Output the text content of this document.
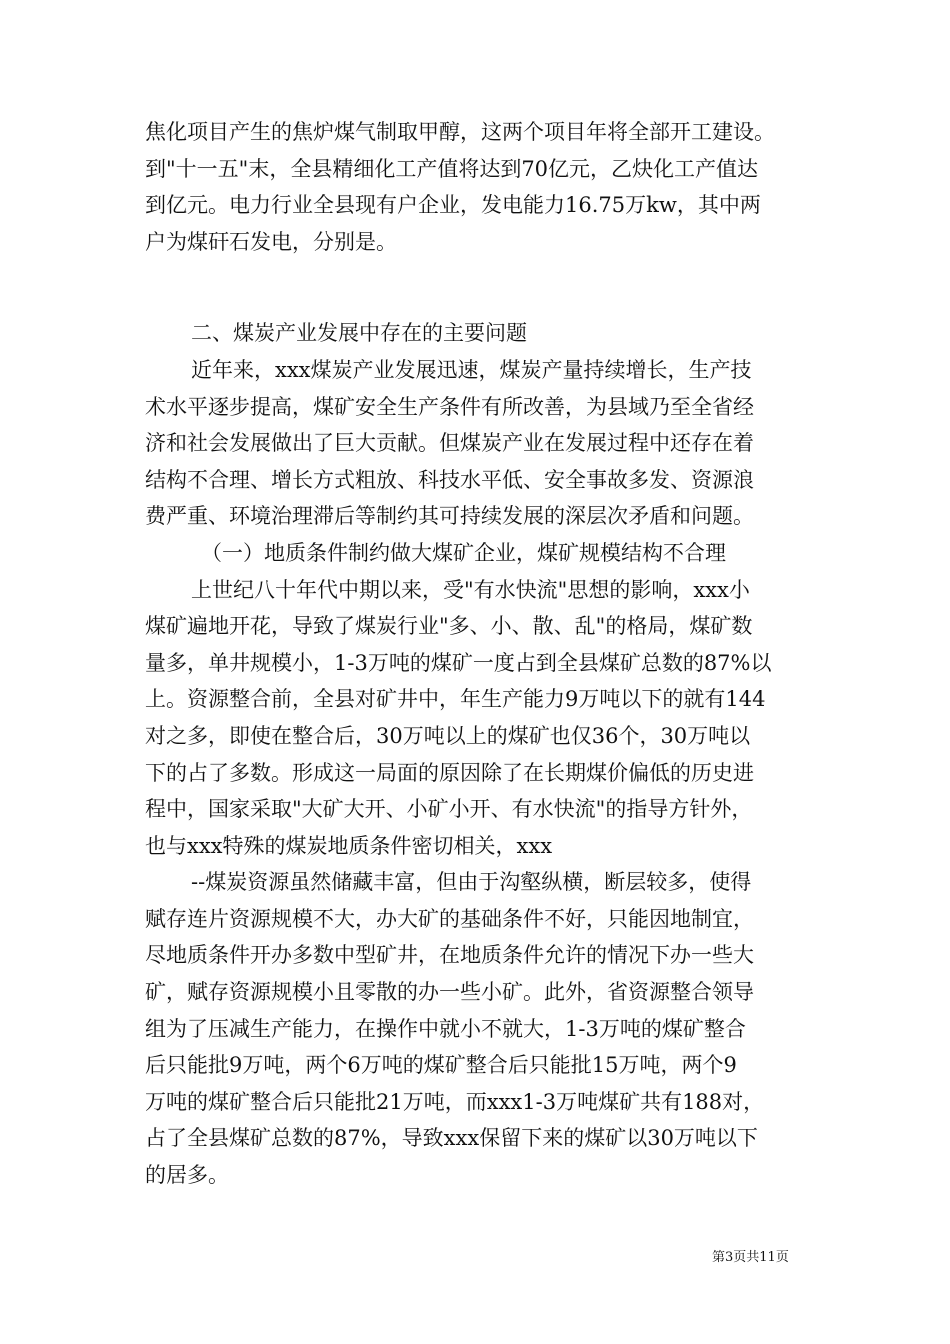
焦化项目产生的焦炉煤气制取甲醇，这两个项目年将全部开工建设。
到"十一五"末，全县精细化工产值将达到70亿元，乙炔化工产值达
到亿元。电力行业全县现有户企业，发电能力16.75万kw，其中两
户为煤矸石发电，分别是。
二、煤炭产业发展中存在的主要问题
近年来，xxx煤炭产业发展迅速，煤炭产量持续增长，生产技
术水平逐步提高，煤矿安全生产条件有所改善，为县域乃至全省经
济和社会发展做出了巨大贡献。但煤炭产业在发展过程中还存在着
结构不合理、增长方式粗放、科技水平低、安全事故多发、资源浪
费严重、环境治理滞后等制约其可持续发展的深层次矛盾和问题。
（一）地质条件制约做大煤矿企业，煤矿规模结构不合理
上世纪八十年代中期以来，受"有水快流"思想的影响，xxx小
煤矿遍地开花，导致了煤炭行业"多、小、散、乱"的格局，煤矿数
量多，单井规模小，1-3万吨的煤矿一度占到全县煤矿总数的87%以
上。资源整合前，全县对矿井中，年生产能力9万吨以下的就有144
对之多，即使在整合后，30万吨以上的煤矿也仅36个，30万吨以
下的占了多数。形成这一局面的原因除了在长期煤价偏低的历史进
程中，国家采取"大矿大开、小矿小开、有水快流"的指导方针外，
也与xxx特殊的煤炭地质条件密切相关，xxx
--煤炭资源虽然储藏丰富，但由于沟壑纵横，断层较多，使得
赋存连片资源规模不大，办大矿的基础条件不好，只能因地制宜，
尽地质条件开办多数中型矿井，在地质条件允许的情况下办一些大
矿，赋存资源规模小且零散的办一些小矿。此外，省资源整合领导
组为了压减生产能力，在操作中就小不就大，1-3万吨的煤矿整合
后只能批9万吨，两个6万吨的煤矿整合后只能批15万吨，两个9
万吨的煤矿整合后只能批21万吨，而xxx1-3万吨煤矿共有188对，
占了全县煤矿总数的87%，导致xxx保留下来的煤矿以30万吨以下
的居多。
第3页共11页
